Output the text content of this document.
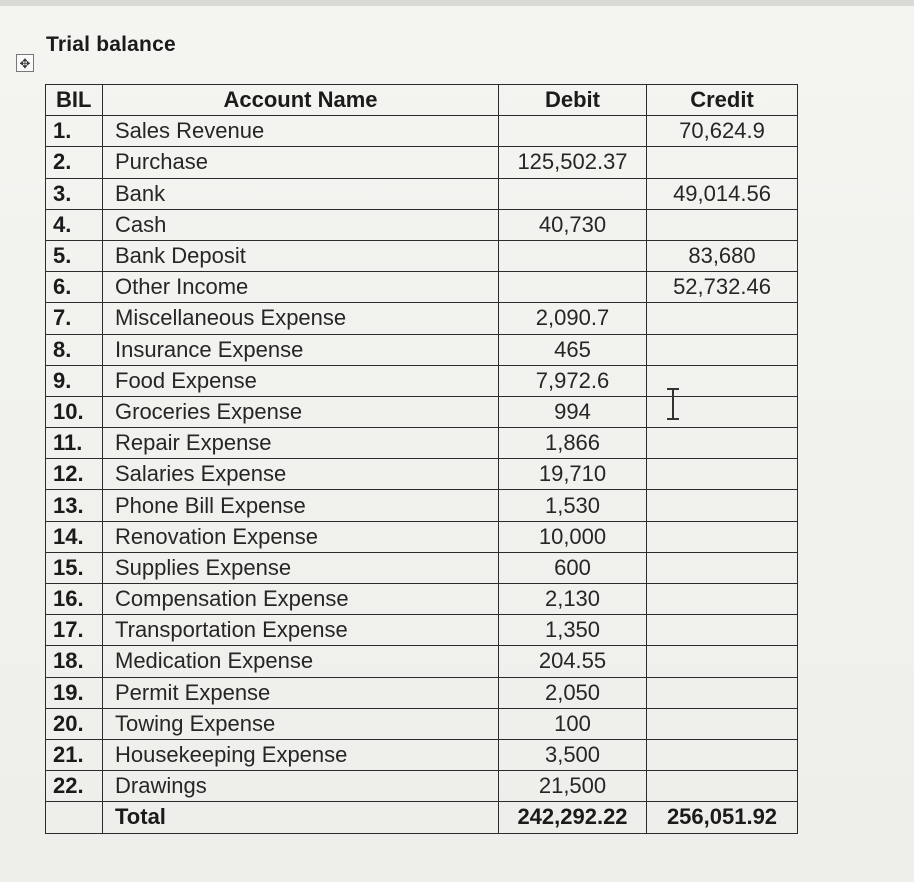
✥
Trial balance
BIL	Account Name	Debit	Credit
1.	Sales Revenue		70,624.9
2.	Purchase	125,502.37	
3.	Bank		49,014.56
4.	Cash	40,730	
5.	Bank Deposit		83,680
6.	Other Income		52,732.46
7.	Miscellaneous Expense	2,090.7	
8.	Insurance Expense	465	
9.	Food Expense	7,972.6	
10.	Groceries Expense	994	
11.	Repair Expense	1,866	
12.	Salaries Expense	19,710	
13.	Phone Bill Expense	1,530	
14.	Renovation Expense	10,000	
15.	Supplies Expense	600	
16.	Compensation Expense	2,130	
17.	Transportation Expense	1,350	
18.	Medication Expense	204.55	
19.	Permit Expense	2,050	
20.	Towing Expense	100	
21.	Housekeeping Expense	3,500	
22.	Drawings	21,500	
	Total	242,292.22	256,051.92
